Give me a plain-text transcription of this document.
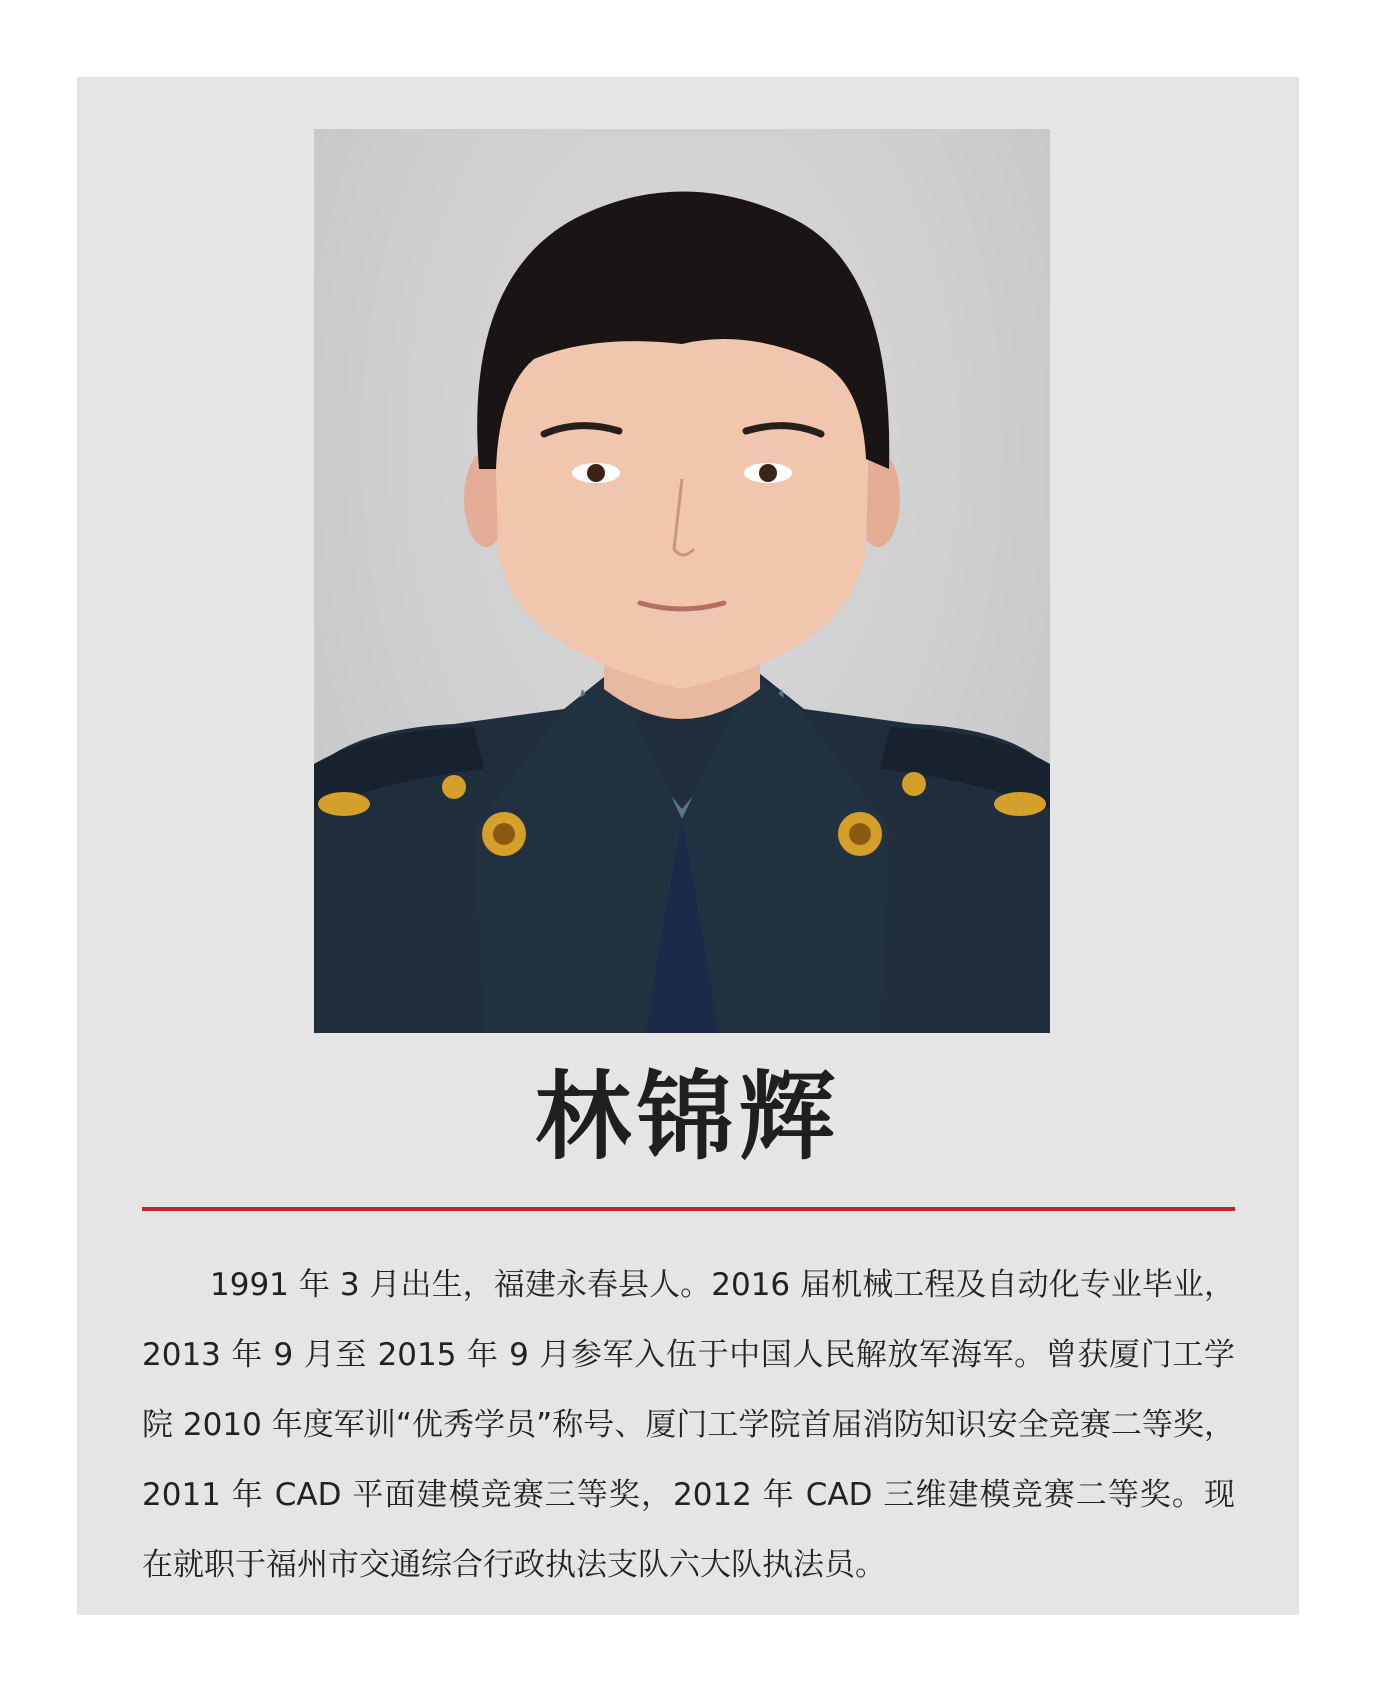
林锦辉

1991 年 3 月出生，福建永春县人。2016 届机械工程及自动化专业毕业，2013 年 9 月至 2015 年 9 月参军入伍于中国人民解放军海军。曾获厦门工学院 2010 年度军训“优秀学员”称号、厦门工学院首届消防知识安全竞赛二等奖，2011 年 CAD 平面建模竞赛三等奖，2012 年 CAD 三维建模竞赛二等奖。现在就职于福州市交通综合行政执法支队六大队执法员。
